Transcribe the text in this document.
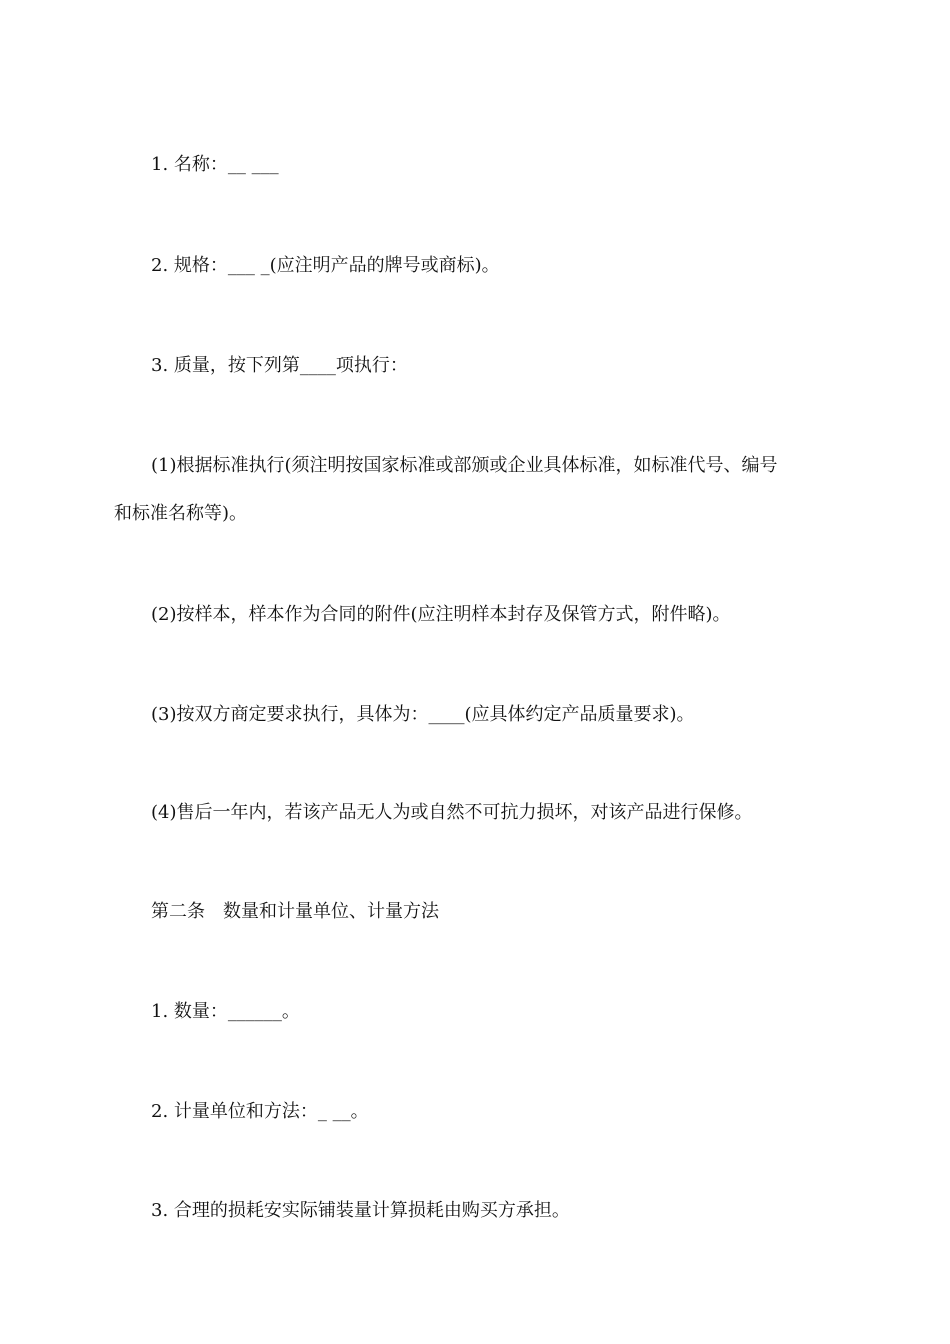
1. 名称：__ ___
2. 规格：___ _(应注明产品的牌号或商标)。
3. 质量，按下列第____项执行：
(1)根据标准执行(须注明按国家标准或部颁或企业具体标准，如标准代号、编号
和标准名称等)。
(2)按样本，样本作为合同的附件(应注明样本封存及保管方式，附件略)。
(3)按双方商定要求执行，具体为：____(应具体约定产品质量要求)。
(4)售后一年内，若该产品无人为或自然不可抗力损坏，对该产品进行保修。
第二条　数量和计量单位、计量方法
1. 数量：______。
2. 计量单位和方法：_ __。
3. 合理的损耗安实际铺装量计算损耗由购买方承担。
